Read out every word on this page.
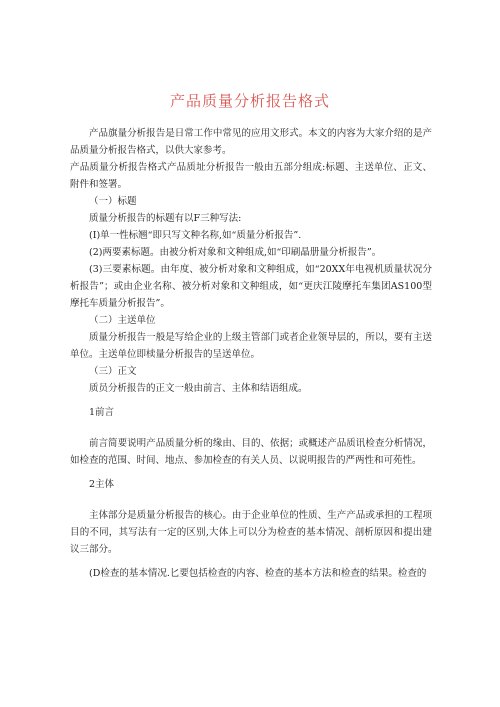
产品质量分析报告格式

产品旗量分析报告是日常工作中常见的应用文形式。本文的内容为大家介绍的是产品质量分析报告格式，以供大家参考。

产品质量分析报告格式产品质址分析报告一般由五部分组成:标题、主送单位、正文、附件和签署。

（一）标题

质量分析报告的标题有以F三种写法:

(I)单一性标翘“即只写文种名称,如“质量分析报告”.

(2)两要素标题。由被分析对象和文种组成,如“印刷晶册量分析报告”。

(3)三要素标题。由年度、被分析对象和文种组成，如“20XX年电视机质量状况分析报告”；或由企业名称、被分析对象和文种组成，如“更庆江陵摩托车集团AS100型摩托车质量分析报告”。

（二）主送单位

质量分析报告一般是写给企业的上级主管部门或者企业领导层的，所以，要有主送单位。主送单位即椟量分析报告的呈送单位。

（三）正文

质员分析报告的正文一般由前言、主体和结语组成。

1前言

前言简要说明产品质量分析的缘由、目的、依据；或概述产品质讯检查分析情况，如检查的范围、时间、地点、参加检查的有关人员、以说明报告的严两性和可苑性。

2主体

主体部分是质量分析报告的核心。由于企业单位的性质、生产产品或承担的工程项目的不同，其写法有一定的区别,大体上可以分为检查的基本情况、剖析原因和提出建议三部分。

(D检查的基本情况.匕要包括检查的内容、检查的基本方法和检查的结果。检查的
